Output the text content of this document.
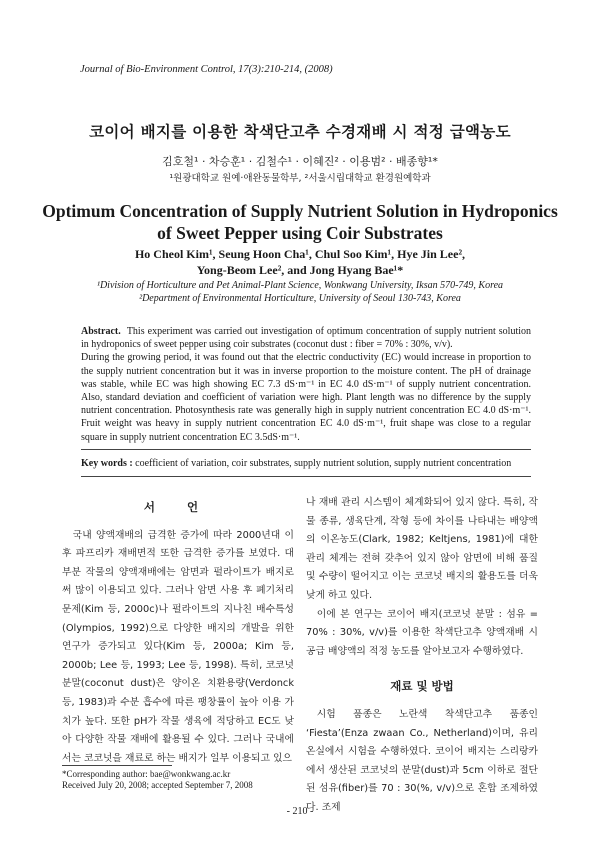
Journal of Bio-Environment Control, 17(3):210-214, (2008)
코이어 배지를 이용한 착색단고추 수경재배 시 적정 급액농도
김호철¹ · 차승훈¹ · 김철수¹ · 이혜진² · 이용범² · 배종향¹*
¹원광대학교 원예·애완동물학부, ²서울시립대학교 환경원예학과
Optimum Concentration of Supply Nutrient Solution in Hydroponics of Sweet Pepper using Coir Substrates
Ho Cheol Kim¹, Seung Hoon Cha¹, Chul Soo Kim¹, Hye Jin Lee²,
Yong-Beom Lee², and Jong Hyang Bae¹*
¹Division of Horticulture and Pet Animal-Plant Science, Wonkwang University, Iksan 570-749, Korea
²Department of Environmental Horticulture, University of Seoul 130-743, Korea
Abstract. This experiment was carried out investigation of optimum concentration of supply nutrient solution in hydroponics of sweet pepper using coir substrates (coconut dust : fiber = 70% : 30%, v/v).
During the growing period, it was found out that the electric conductivity (EC) would increase in proportion to the supply nutrient concentration but it was in inverse proportion to the moisture content. The pH of drainage was stable, while EC was high showing EC 7.3 dS·m⁻¹ in EC 4.0 dS·m⁻¹ of supply nutrient concentration. Also, standard deviation and coefficient of variation were high. Plant length was no difference by the supply nutrient concentration. Photosynthesis rate was generally high in supply nutrient concentration EC 4.0 dS·m⁻¹. Fruit weight was heavy in supply nutrient concentration EC 4.0 dS·m⁻¹, fruit shape was close to a regular square in supply nutrient concentration EC 3.5dS·m⁻¹.
Key words : coefficient of variation, coir substrates, supply nutrient solution, supply nutrient concentration
서 언

국내 양액재배의 급격한 증가에 따라 2000년대 이후 파프리카 재배면적 또한 급격한 증가를 보였다. 대부분 작물의 양액재배에는 암면과 펄라이트가 배지로써 많이 이용되고 있다. 그러나 암면 사용 후 폐기처리 문제(Kim 등, 2000c)나 펄라이트의 지나친 배수특성(Olympios, 1992)으로 다양한 배지의 개발을 위한 연구가 증가되고 있다(Kim 등, 2000a; Kim 등, 2000b; Lee 등, 1993; Lee 등, 1998). 특히, 코코넛 분말(coconut dust)은 양이온 치환용량(Verdonck 등, 1983)과 수분 흡수에 따른 팽창률이 높아 이용 가치가 높다. 또한 pH가 작물 생육에 적당하고 EC도 낮아 다양한 작물 재배에 활용될 수 있다. 그러나 국내에서는 코코넛을 재료로 하는 배지가 일부 이용되고 있으

나 재배 관리 시스템이 체계화되어 있지 않다. 특히, 작물 종류, 생육단계, 작형 등에 차이를 나타내는 배양액의 이온농도(Clark, 1982; Keltjens, 1981)에 대한 관리 체계는 전혀 갖추어 있지 않아 암면에 비해 품질 및 수량이 떨어지고 이는 코코넛 배지의 활용도를 더욱 낮게 하고 있다.

이에 본 연구는 코이어 배지(코코넛 분말 : 섬유 = 70% : 30%, v/v)를 이용한 착색단고추 양액재배 시 공급 배양액의 적정 농도를 알아보고자 수행하였다.

재료 및 방법

시험 품종은 노란색 착색단고추 품종인 ‘Fiesta’(Enza zwaan Co., Netherland)이며, 유리 온실에서 시험을 수행하였다. 코이어 배지는 스리랑카에서 생산된 코코넛의 분말(dust)과 5cm 이하로 절단된 섬유(fiber)를 70 : 30(%, v/v)으로 혼합 조제하였다. 조제

*Corresponding author: bae@wonkwang.ac.kr
Received July 20, 2008; accepted September 7, 2008
- 210 -
